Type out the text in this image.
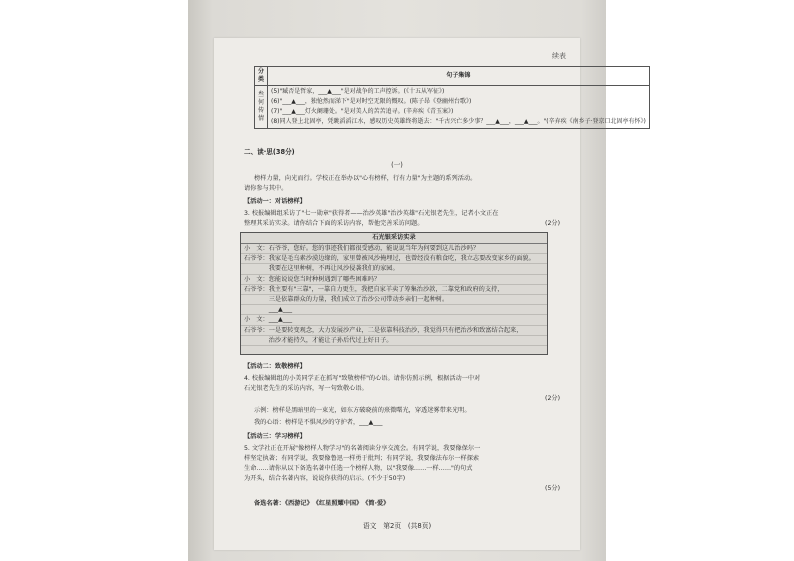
续表
分类	句子集锦
叁何传情	(5)"臧否是哲家，___▲___"是对战争的工声控诉。(《十五从军征》)
(6)"___▲___，独怆然而涕下"是对时空无限的慨叹。(陈子昂《登幽州台歌》)
(7)"___▲___灯火阑珊处。"是对美人的苦苦追寻。(辛弃疾《青玉案》)
(8)同人登上北固亭，凭眺滔滔江水，感叹历史英雄终将逝去："千古兴亡多少事？___▲___，___▲___。"(辛弃疾《南乡子·登京口北固亭有怀》)
二、读·思(38分)
(一)
榜样力量，向光而行。学校正在举办以"心有榜样，行有力量"为主题的系列活动。
请你参与其中。
【活动一：对话榜样】
3. 校报编辑组采访了"七一勋章"获得者——治沙英雄"治沙英雄"石光银老先生，记者小文正在
整理其采访实录。请你结合下面的采访内容，帮他完善采访问题。	(2分)
石光银采访实录
小　文：石爷爷，您好。您的事迹我们都很受感动，能说说当年为何要到这儿治沙吗？
石爷爷：我家是毛乌素沙漠边缘的，家里曾被风沙掩埋过，也曾经没有粮食吃，我立志要改变家乡的面貌。
　　　　我要在这里种树，不再让风沙侵袭我们的家园。
小　文：您能说说您当时种树遇到了哪些困难吗？
石爷爷：我主要有"三靠"，一靠自力更生，我把自家羊卖了筹集治沙款，二靠党和政府的支持，
　　　　三是依靠群众的力量，我们成立了治沙公司带动乡亲们一起种树。
　　　　___▲___
小　文：___▲___
石爷爷：一是要转变观念，大力发展沙产业，二是依靠科技治沙，我觉得只有把治沙和致富结合起来，
　　　　治沙才能持久，才能让子孙后代过上好日子。
【活动二：致敬榜样】
4. 校报编辑组的小美同学正在抓写"致敬榜样"的心语。请你仿照示例，根据活动一中对
石光银老先生的采访内容，写一句致敬心语。
(2分)
示例：榜样是黑暗里的一束光，如东方破晓前的熹微曙光，穿透迷雾带来光明。
我的心语：榜样是不惧风沙的守护者，___▲___
【活动三：学习榜样】
5. 文学社正在开展"像榜样人物学习"的名著阅读分享交流会。有同学说，我要像保尔一
样坚定执著；有同学说，我要像鲁迅一样勇于批判；有同学说，我要像法布尔一样探索
生命……请你从以下备选名著中任选一个榜样人物，以"我要像……一样……"的句式
为开头，结合名著内容，说说你获得的启示。(不少于50字)
(5分)
备选名著：《西游记》　《红星照耀中国》　《简·爱》
语文　第2页　(共8页)
